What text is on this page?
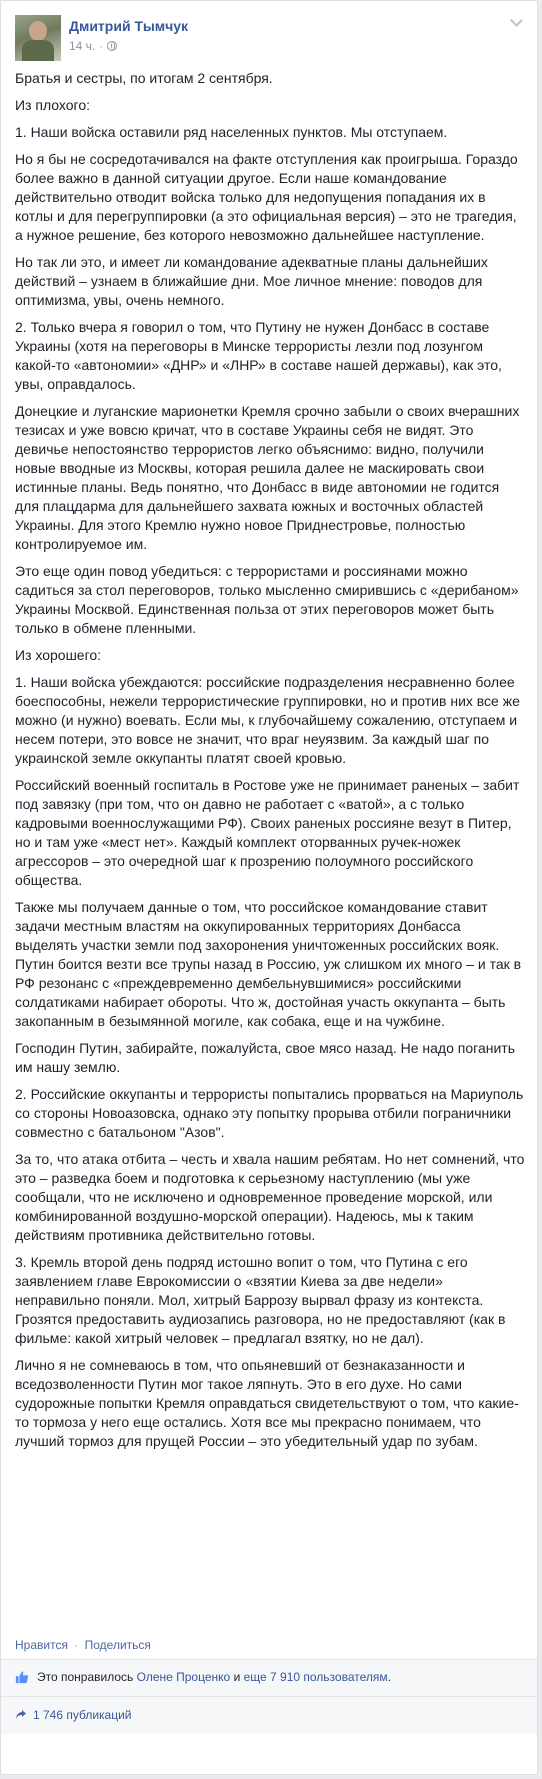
Дмитрий Тымчук
14 ч. ·

Братья и сестры, по итогам 2 сентября.

Из плохого:

1. Наши войска оставили ряд населенных пунктов. Мы отступаем.

Но я бы не сосредотачивался на факте отступления как проигрыша. Гораздо более важно в данной ситуации другое. Если наше командование действительно отводит войска только для недопущения попадания их в котлы и для перегруппировки (а это официальная версия) – это не трагедия, а нужное решение, без которого невозможно дальнейшее наступление.

Но так ли это, и имеет ли командование адекватные планы дальнейших действий – узнаем в ближайшие дни. Мое личное мнение: поводов для оптимизма, увы, очень немного.

2. Только вчера я говорил о том, что Путину не нужен Донбасс в составе Украины (хотя на переговоры в Минске террористы лезли под лозунгом какой-то «автономии» «ДНР» и «ЛНР» в составе нашей державы), как это, увы, оправдалось.

Донецкие и луганские марионетки Кремля срочно забыли о своих вчерашних тезисах и уже вовсю кричат, что в составе Украины себя не видят. Это девичье непостоянство террористов легко объяснимо: видно, получили новые вводные из Москвы, которая решила далее не маскировать свои истинные планы. Ведь понятно, что Донбасс в виде автономии не годится для плацдарма для дальнейшего захвата южных и восточных областей Украины. Для этого Кремлю нужно новое Приднестровье, полностью контролируемое им.

Это еще один повод убедиться: с террористами и россиянами можно садиться за стол переговоров, только мысленно смирившись с «дерибаном» Украины Москвой. Единственная польза от этих переговоров может быть только в обмене пленными.

Из хорошего:

1. Наши войска убеждаются: российские подразделения несравненно более боеспособны, нежели террористические группировки, но и против них все же можно (и нужно) воевать. Если мы, к глубочайшему сожалению, отступаем и несем потери, это вовсе не значит, что враг неуязвим. За каждый шаг по украинской земле оккупанты платят своей кровью.

Российский военный госпиталь в Ростове уже не принимает раненых – забит под завязку (при том, что он давно не работает с «ватой», а с только кадровыми военнослужащими РФ). Своих раненых россияне везут в Питер, но и там уже «мест нет». Каждый комплект оторванных ручек-ножек агрессоров – это очередной шаг к прозрению полоумного российского общества.

Также мы получаем данные о том, что российское командование ставит задачи местным властям на оккупированных территориях Донбасса выделять участки земли под захоронения уничтоженных российских вояк. Путин боится везти все трупы назад в Россию, уж слишком их много – и так в РФ резонанс с «преждевременно дембельнувшимися» российскими солдатиками набирает обороты. Что ж, достойная участь оккупанта – быть закопанным в безымянной могиле, как собака, еще и на чужбине.

Господин Путин, забирайте, пожалуйста, свое мясо назад. Не надо поганить им нашу землю.

2. Российские оккупанты и террористы попытались прорваться на Мариуполь со стороны Новоазовска, однако эту попытку прорыва отбили пограничники совместно с батальоном "Азов".

За то, что атака отбита – честь и хвала нашим ребятам. Но нет сомнений, что это – разведка боем и подготовка к серьезному наступлению (мы уже сообщали, что не исключено и одновременное проведение морской, или комбинированной воздушно-морской операции). Надеюсь, мы к таким действиям противника действительно готовы.

3. Кремль второй день подряд истошно вопит о том, что Путина с его заявлением главе Еврокомиссии о «взятии Киева за две недели» неправильно поняли. Мол, хитрый Баррозу вырвал фразу из контекста. Грозятся предоставить аудиозапись разговора, но не предоставляют (как в фильме: какой хитрый человек – предлагал взятку, но не дал).

Лично я не сомневаюсь в том, что опьяневший от безнаказанности и вседозволенности Путин мог такое ляпнуть. Это в его духе. Но сами судорожные попытки Кремля оправдаться свидетельствуют о том, что какие-то тормоза у него еще остались. Хотя все мы прекрасно понимаем, что лучший тормоз для прущей России – это убедительный удар по зубам.

Нравится · Поделиться
Это понравилось
Олене Проценко
и
еще 7 910 пользователям .
1 746 публикаций
